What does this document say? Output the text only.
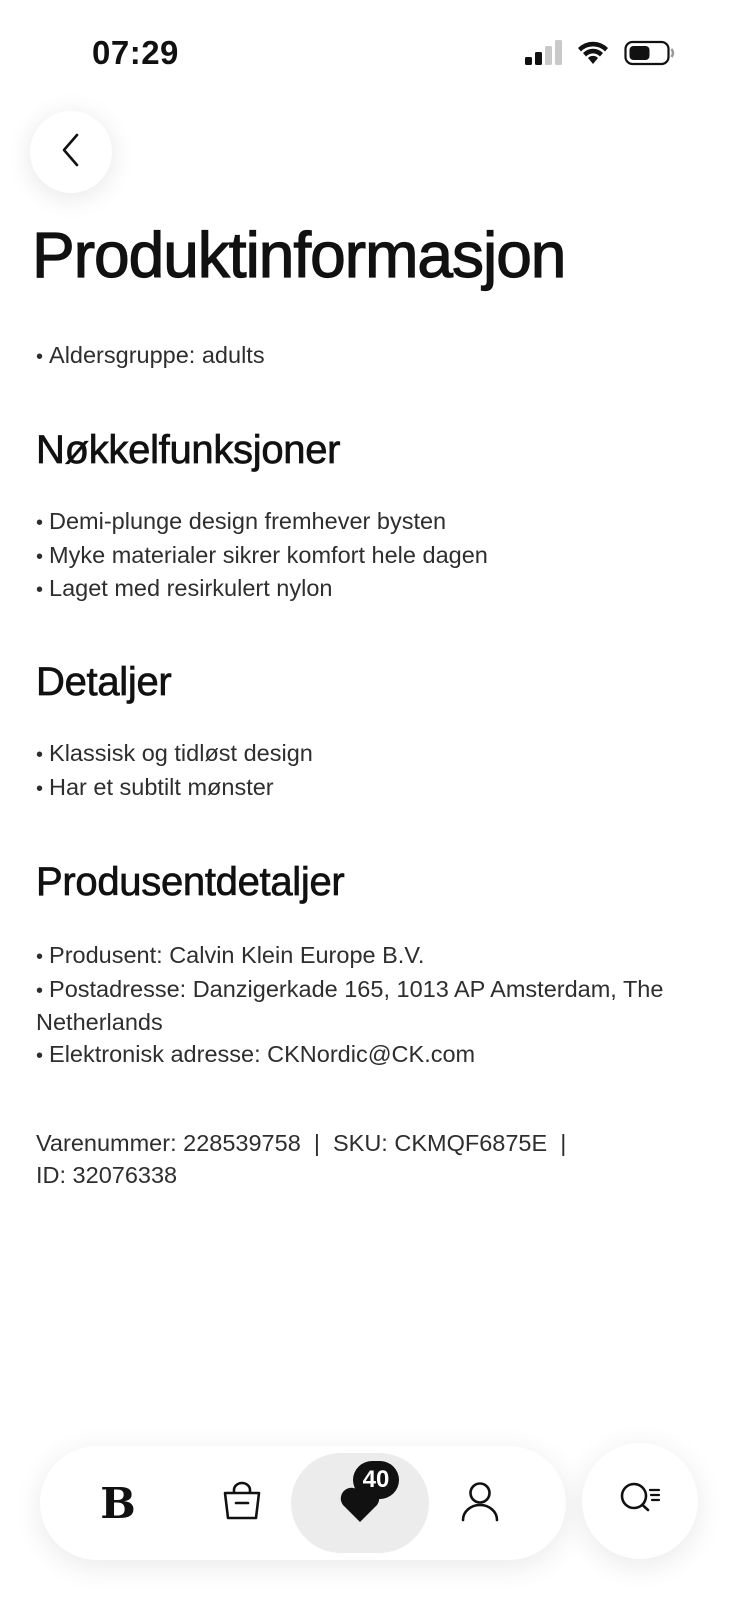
07:29
Produktinformasjon
• Aldersgruppe: adults
Nøkkelfunksjoner
• Demi-plunge design fremhever bysten
• Myke materialer sikrer komfort hele dagen
• Laget med resirkulert nylon
Detaljer
• Klassisk og tidløst design
• Har et subtilt mønster
Produsentdetaljer
• Produsent: Calvin Klein Europe B.V.
• Postadresse: Danzigerkade 165, 1013 AP Amsterdam, The Netherlands
• Elektronisk adresse: CKNordic@CK.com
Varenummer: 228539758  |  SKU: CKMQF6875E  |
ID: 32076338
B	40
